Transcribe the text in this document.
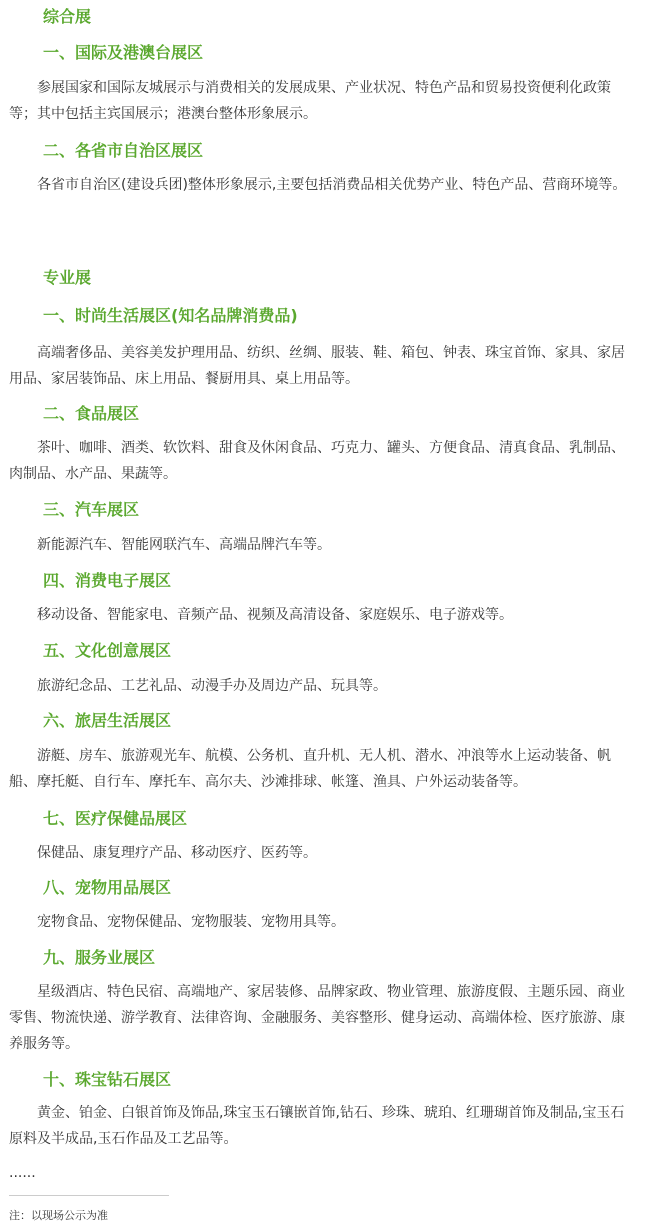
综合展
一、国际及港澳台展区
参展国家和国际友城展示与消费相关的发展成果、产业状况、特色产品和贸易投资便利化政策等；其中包括主宾国展示；港澳台整体形象展示。
二、各省市自治区展区
各省市自治区(建设兵团)整体形象展示,主要包括消费品相关优势产业、特色产品、营商环境等。
专业展
一、时尚生活展区(知名品牌消费品)
高端奢侈品、美容美发护理用品、纺织、丝绸、服装、鞋、箱包、钟表、珠宝首饰、家具、家居用品、家居装饰品、床上用品、餐厨用具、桌上用品等。
二、食品展区
茶叶、咖啡、酒类、软饮料、甜食及休闲食品、巧克力、罐头、方便食品、清真食品、乳制品、肉制品、水产品、果蔬等。
三、汽车展区
新能源汽车、智能网联汽车、高端品牌汽车等。
四、消费电子展区
移动设备、智能家电、音频产品、视频及高清设备、家庭娱乐、电子游戏等。
五、文化创意展区
旅游纪念品、工艺礼品、动漫手办及周边产品、玩具等。
六、旅居生活展区
游艇、房车、旅游观光车、航模、公务机、直升机、无人机、潜水、冲浪等水上运动装备、帆船、摩托艇、自行车、摩托车、高尔夫、沙滩排球、帐篷、渔具、户外运动装备等。
七、医疗保健品展区
保健品、康复理疗产品、移动医疗、医药等。
八、宠物用品展区
宠物食品、宠物保健品、宠物服装、宠物用具等。
九、服务业展区
星级酒店、特色民宿、高端地产、家居装修、品牌家政、物业管理、旅游度假、主题乐园、商业零售、物流快递、游学教育、法律咨询、金融服务、美容整形、健身运动、高端体检、医疗旅游、康养服务等。
十、珠宝钻石展区
黄金、铂金、白银首饰及饰品,珠宝玉石镶嵌首饰,钻石、珍珠、琥珀、红珊瑚首饰及制品,宝玉石原料及半成品,玉石作品及工艺品等。
......
注：以现场公示为准
